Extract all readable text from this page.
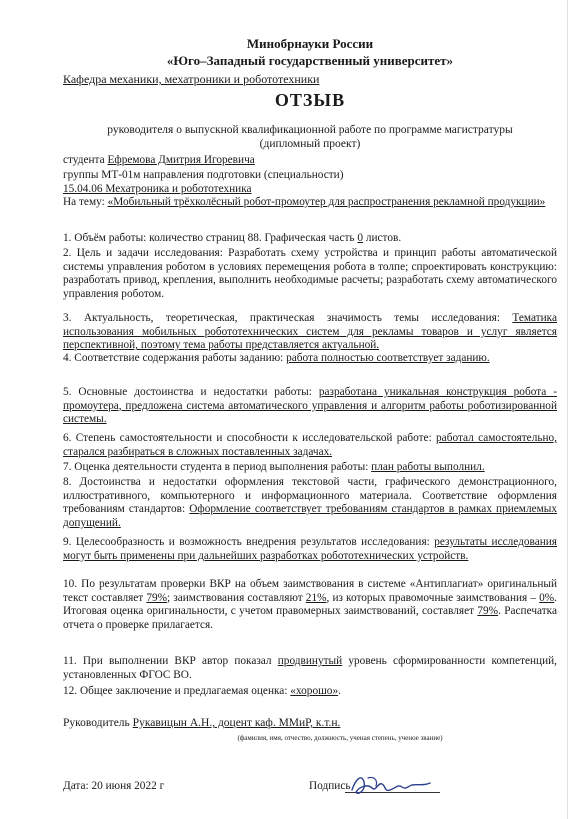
Минобрнауки России
«Юго–Западный государственный университет»
Кафедра механики, мехатроники и робототехники
ОТЗЫВ
руководителя о выпускной квалификационной работе по программе магистратуры (дипломный проект)
студента Ефремова Дмитрия Игоревича
группы МТ-01м направления подготовки (специальности)
15.04.06 Мехатроника и робототехника
На тему: «Мобильный трёхколёсный робот-промоутер для распространения рекламной продукции»
1. Объём работы: количество страниц 88. Графическая часть 0 листов.
2. Цель и задачи исследования: Разработать схему устройства и принцип работы автоматической системы управления роботом в условиях перемещения робота в толпе; спроектировать конструкцию: разработать привод, крепления, выполнить необходимые расчеты; разработать схему автоматического управления роботом.
3. Актуальность, теоретическая, практическая значимость темы исследования: Тематика использования мобильных робототехнических систем для рекламы товаров и услуг является перспективной, поэтому тема работы представляется актуальной.
4. Соответствие содержания работы заданию: работа полностью соответствует заданию.
5. Основные достоинства и недостатки работы: разработана уникальная конструкция робота - промоутера, предложена система автоматического управления и алгоритм работы роботизированной системы.
6. Степень самостоятельности и способности к исследовательской работе: работал самостоятельно, старался разбираться в сложных поставленных задачах.
7. Оценка деятельности студента в период выполнения работы: план работы выполнил.
8. Достоинства и недостатки оформления текстовой части, графического демонстрационного, иллюстративного, компьютерного и информационного материала. Соответствие оформления требованиям стандартов: Оформление соответствует требованиям стандартов в рамках приемлемых допущений.
9. Целесообразность и возможность внедрения результатов исследования: результаты исследования могут быть применены при дальнейших разработках робототехнических устройств.
10. По результатам проверки ВКР на объем заимствования в системе «Антиплагиат» оригинальный текст составляет 79%; заимствования составляют 21%, из которых правомочные заимствования – 0%. Итоговая оценка оригинальности, с учетом правомерных заимствований, составляет 79%. Распечатка отчета о проверке прилагается.
11. При выполнении ВКР автор показал продвинутый уровень сформированности компетенций, установленных ФГОС ВО.
12. Общее заключение и предлагаемая оценка: «хорошо».
Руководитель Рукавицын А.Н., доцент каф. ММиР, к.т.н.
(фамилия, имя, отчество, должность, ученая степень, ученое звание)
Дата: 20 июня 2022 г	Подпись
